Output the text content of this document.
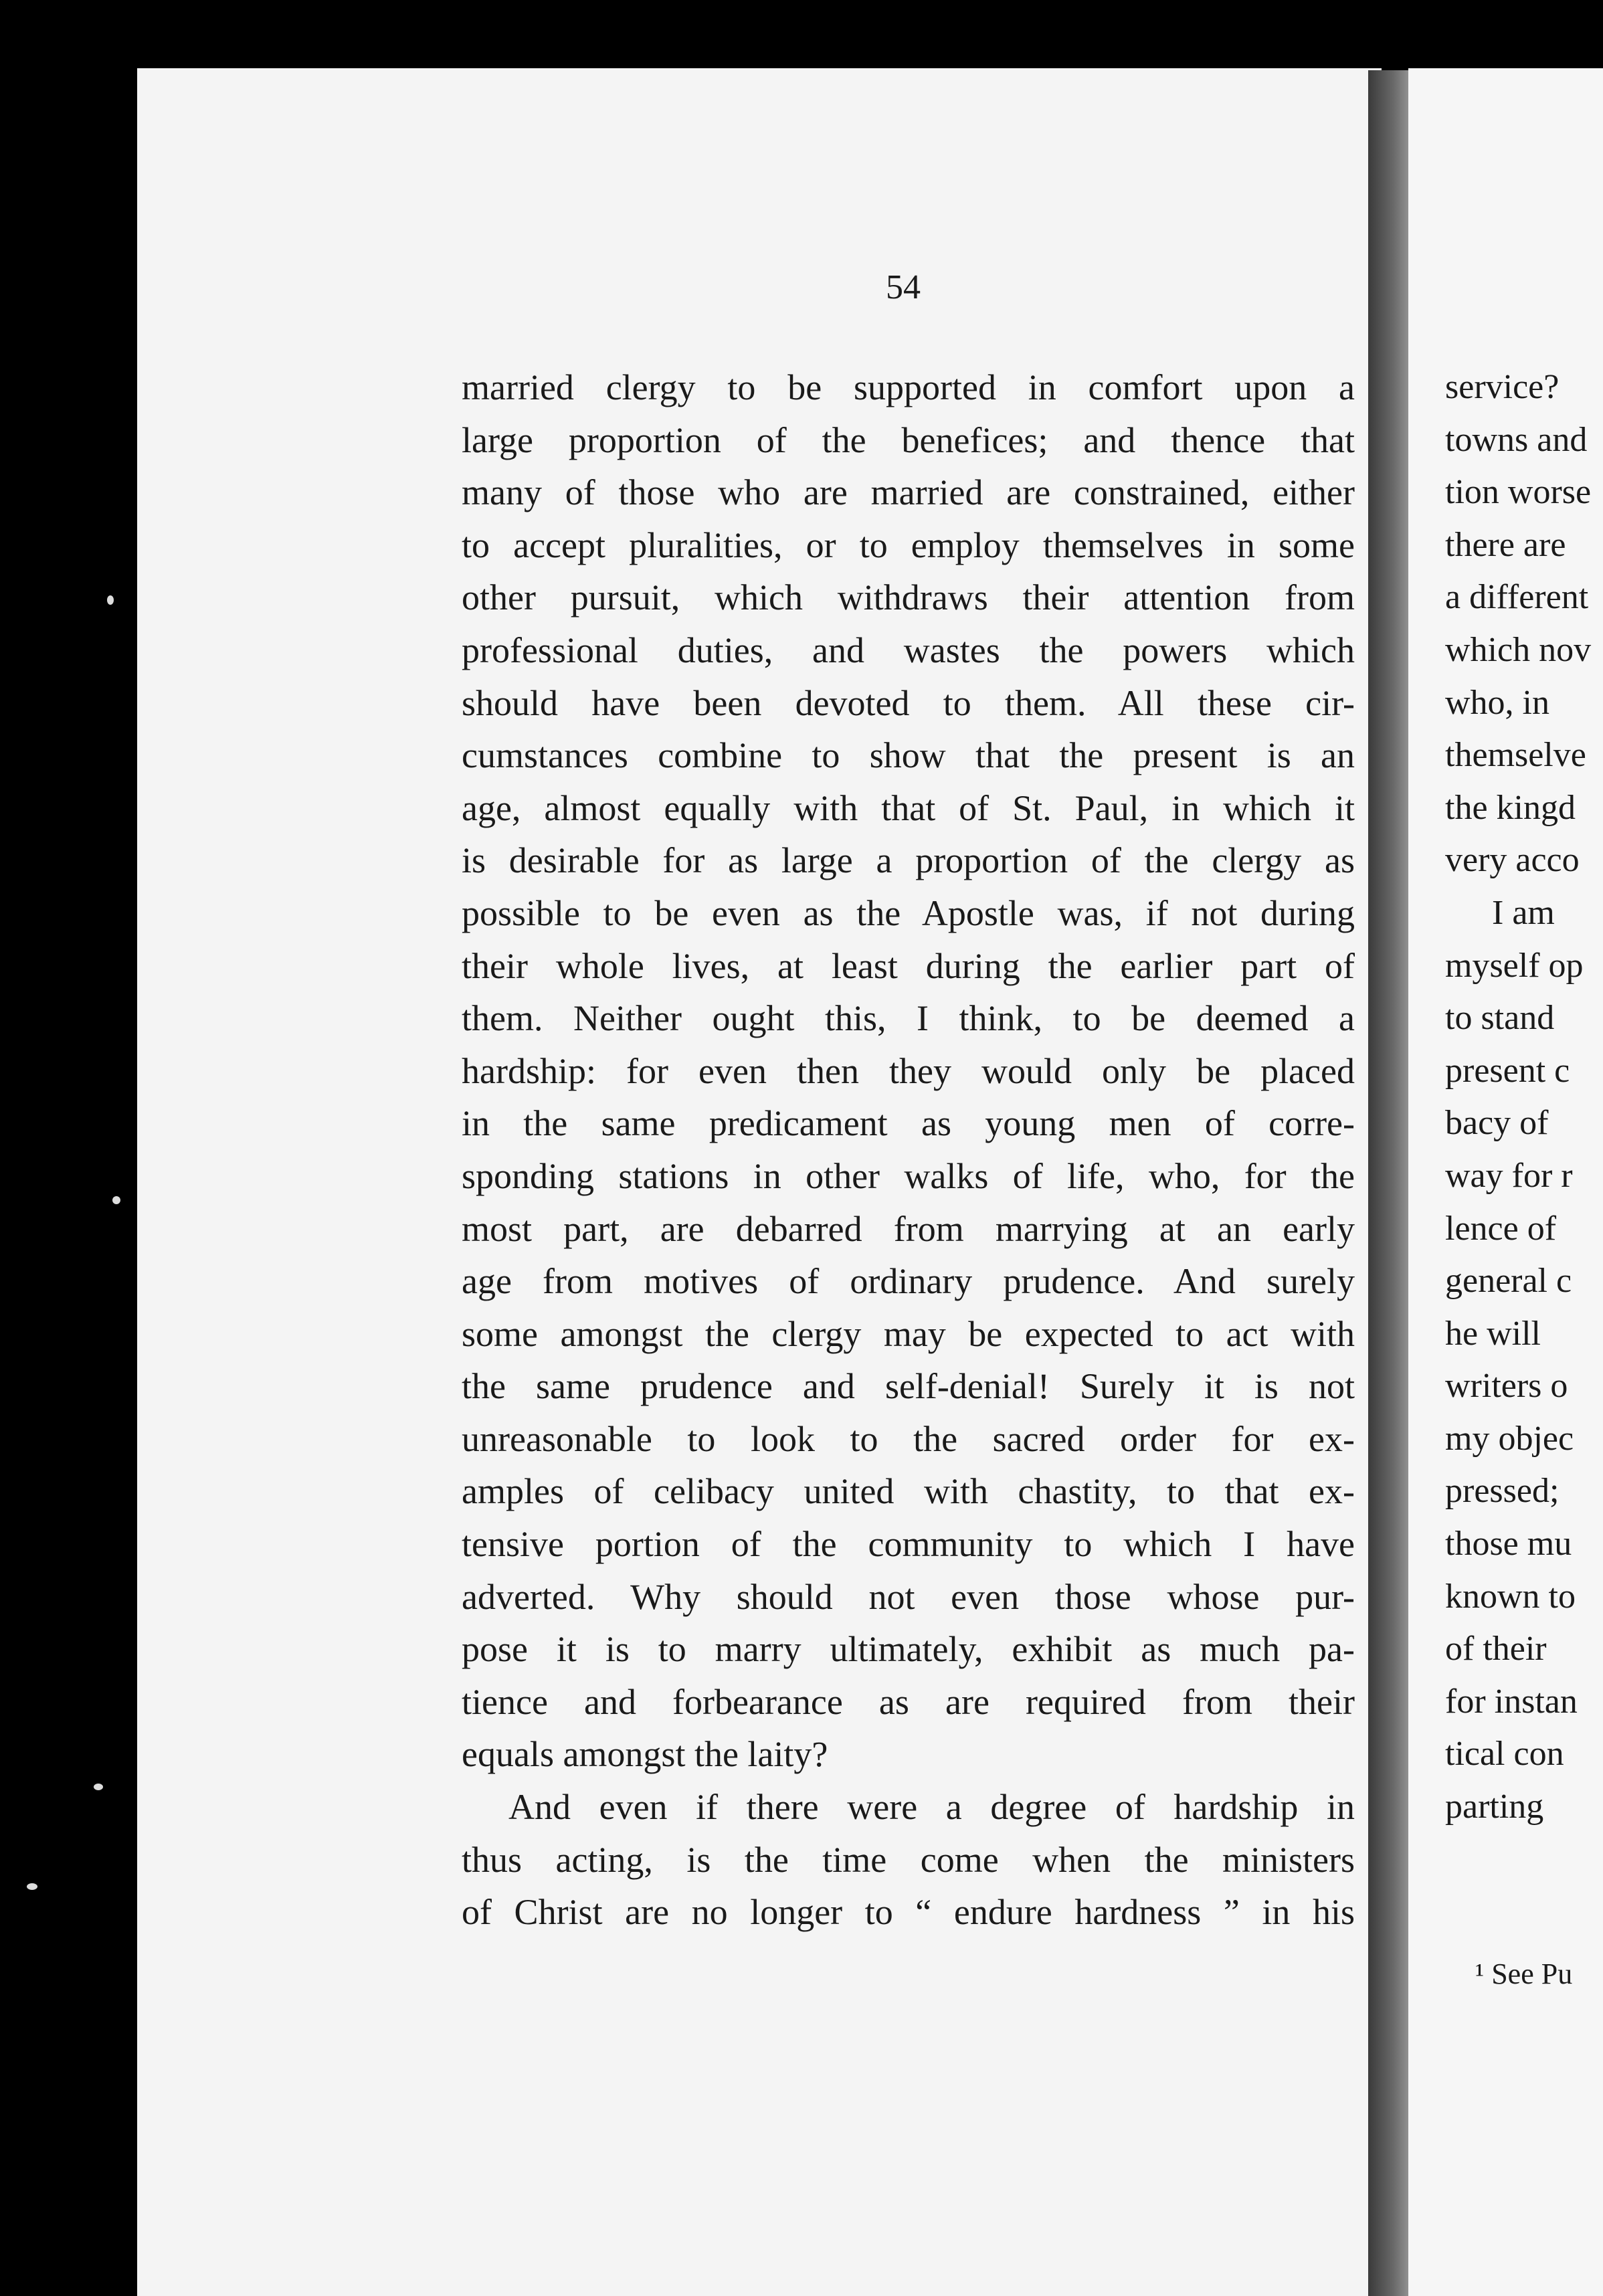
54
married clergy to be supported in comfort upon a
large proportion of the benefices; and thence that
many of those who are married are constrained, either
to accept pluralities, or to employ themselves in some
other pursuit, which withdraws their attention from
professional duties, and wastes the powers which
should have been devoted to them. All these cir-
cumstances combine to show that the present is an
age, almost equally with that of St. Paul, in which it
is desirable for as large a proportion of the clergy as
possible to be even as the Apostle was, if not during
their whole lives, at least during the earlier part of
them. Neither ought this, I think, to be deemed a
hardship: for even then they would only be placed
in the same predicament as young men of corre-
sponding stations in other walks of life, who, for the
most part, are debarred from marrying at an early
age from motives of ordinary prudence. And surely
some amongst the clergy may be expected to act with
the same prudence and self-denial! Surely it is not
unreasonable to look to the sacred order for ex-
amples of celibacy united with chastity, to that ex-
tensive portion of the community to which I have
adverted. Why should not even those whose pur-
pose it is to marry ultimately, exhibit as much pa-
tience and forbearance as are required from their
equals amongst the laity?
And even if there were a degree of hardship in
thus acting, is the time come when the ministers
of Christ are no longer to “ endure hardness ” in his
service?
towns and
tion worse
there are
a different
which nov
who, in
themselve
the kingd
very acco
I am
myself op
to stand
present c
bacy of
way for r
lence of
general c
he will
writers o
my objec
pressed;
those mu
known to
of their
for instan
tical con
parting
¹ See Pu
